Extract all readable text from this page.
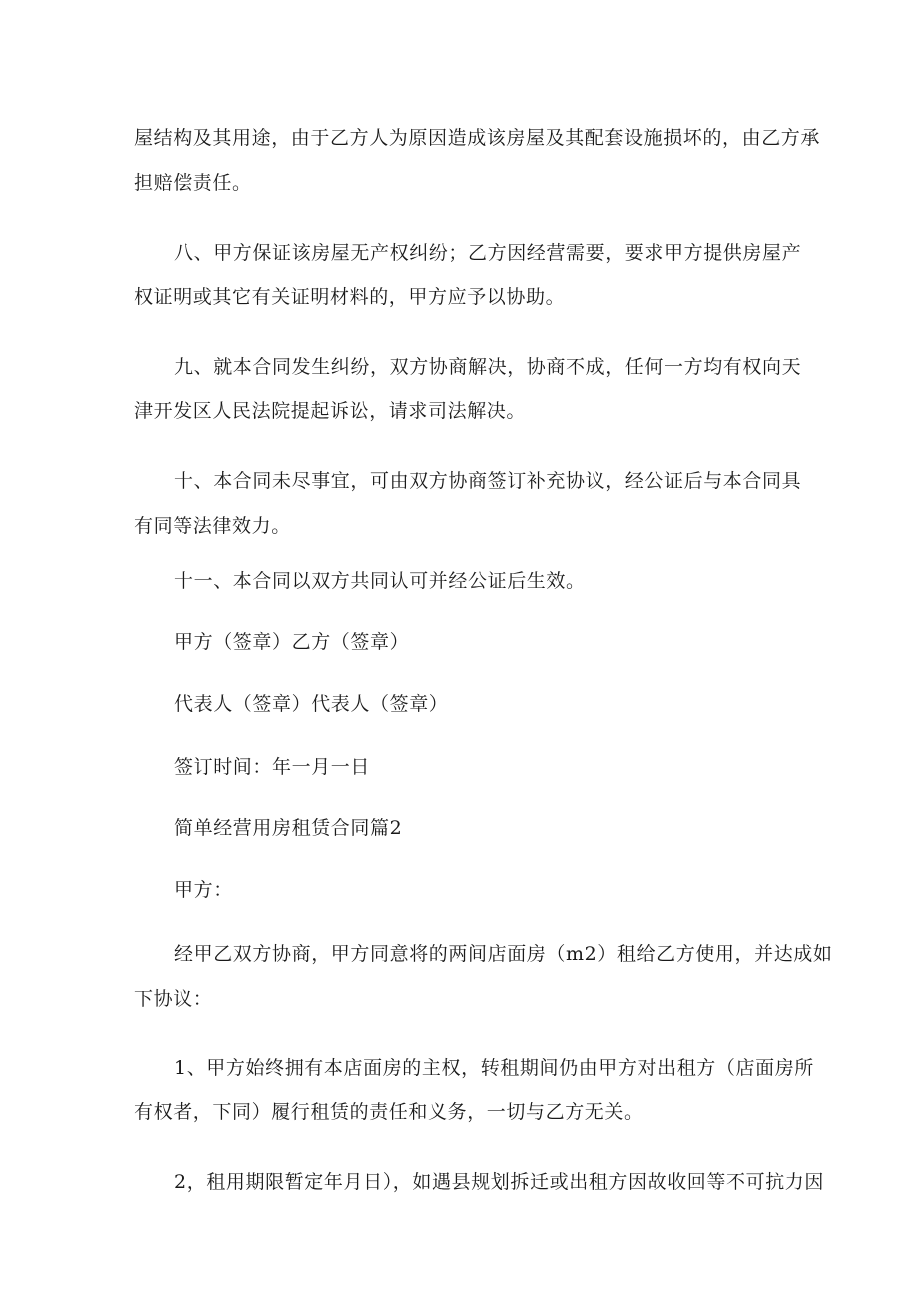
屋结构及其用途，由于乙方人为原因造成该房屋及其配套设施损坏的，由乙方承
担赔偿责任。
八、甲方保证该房屋无产权纠纷；乙方因经营需要，要求甲方提供房屋产
权证明或其它有关证明材料的，甲方应予以协助。
九、就本合同发生纠纷，双方协商解决，协商不成，任何一方均有权向天
津开发区人民法院提起诉讼，请求司法解决。
十、本合同未尽事宜，可由双方协商签订补充协议，经公证后与本合同具
有同等法律效力。
十一、本合同以双方共同认可并经公证后生效。
甲方（签章）乙方（签章）
代表人（签章）代表人（签章）
签订时间：年一月一日
简单经营用房租赁合同篇2
甲方：
经甲乙双方协商，甲方同意将的两间店面房（m2）租给乙方使用，并达成如
下协议：
1、甲方始终拥有本店面房的主权，转租期间仍由甲方对出租方（店面房所
有权者，下同）履行租赁的责任和义务，一切与乙方无关。
2，租用期限暂定年月日），如遇县规划拆迁或出租方因故收回等不可抗力因
